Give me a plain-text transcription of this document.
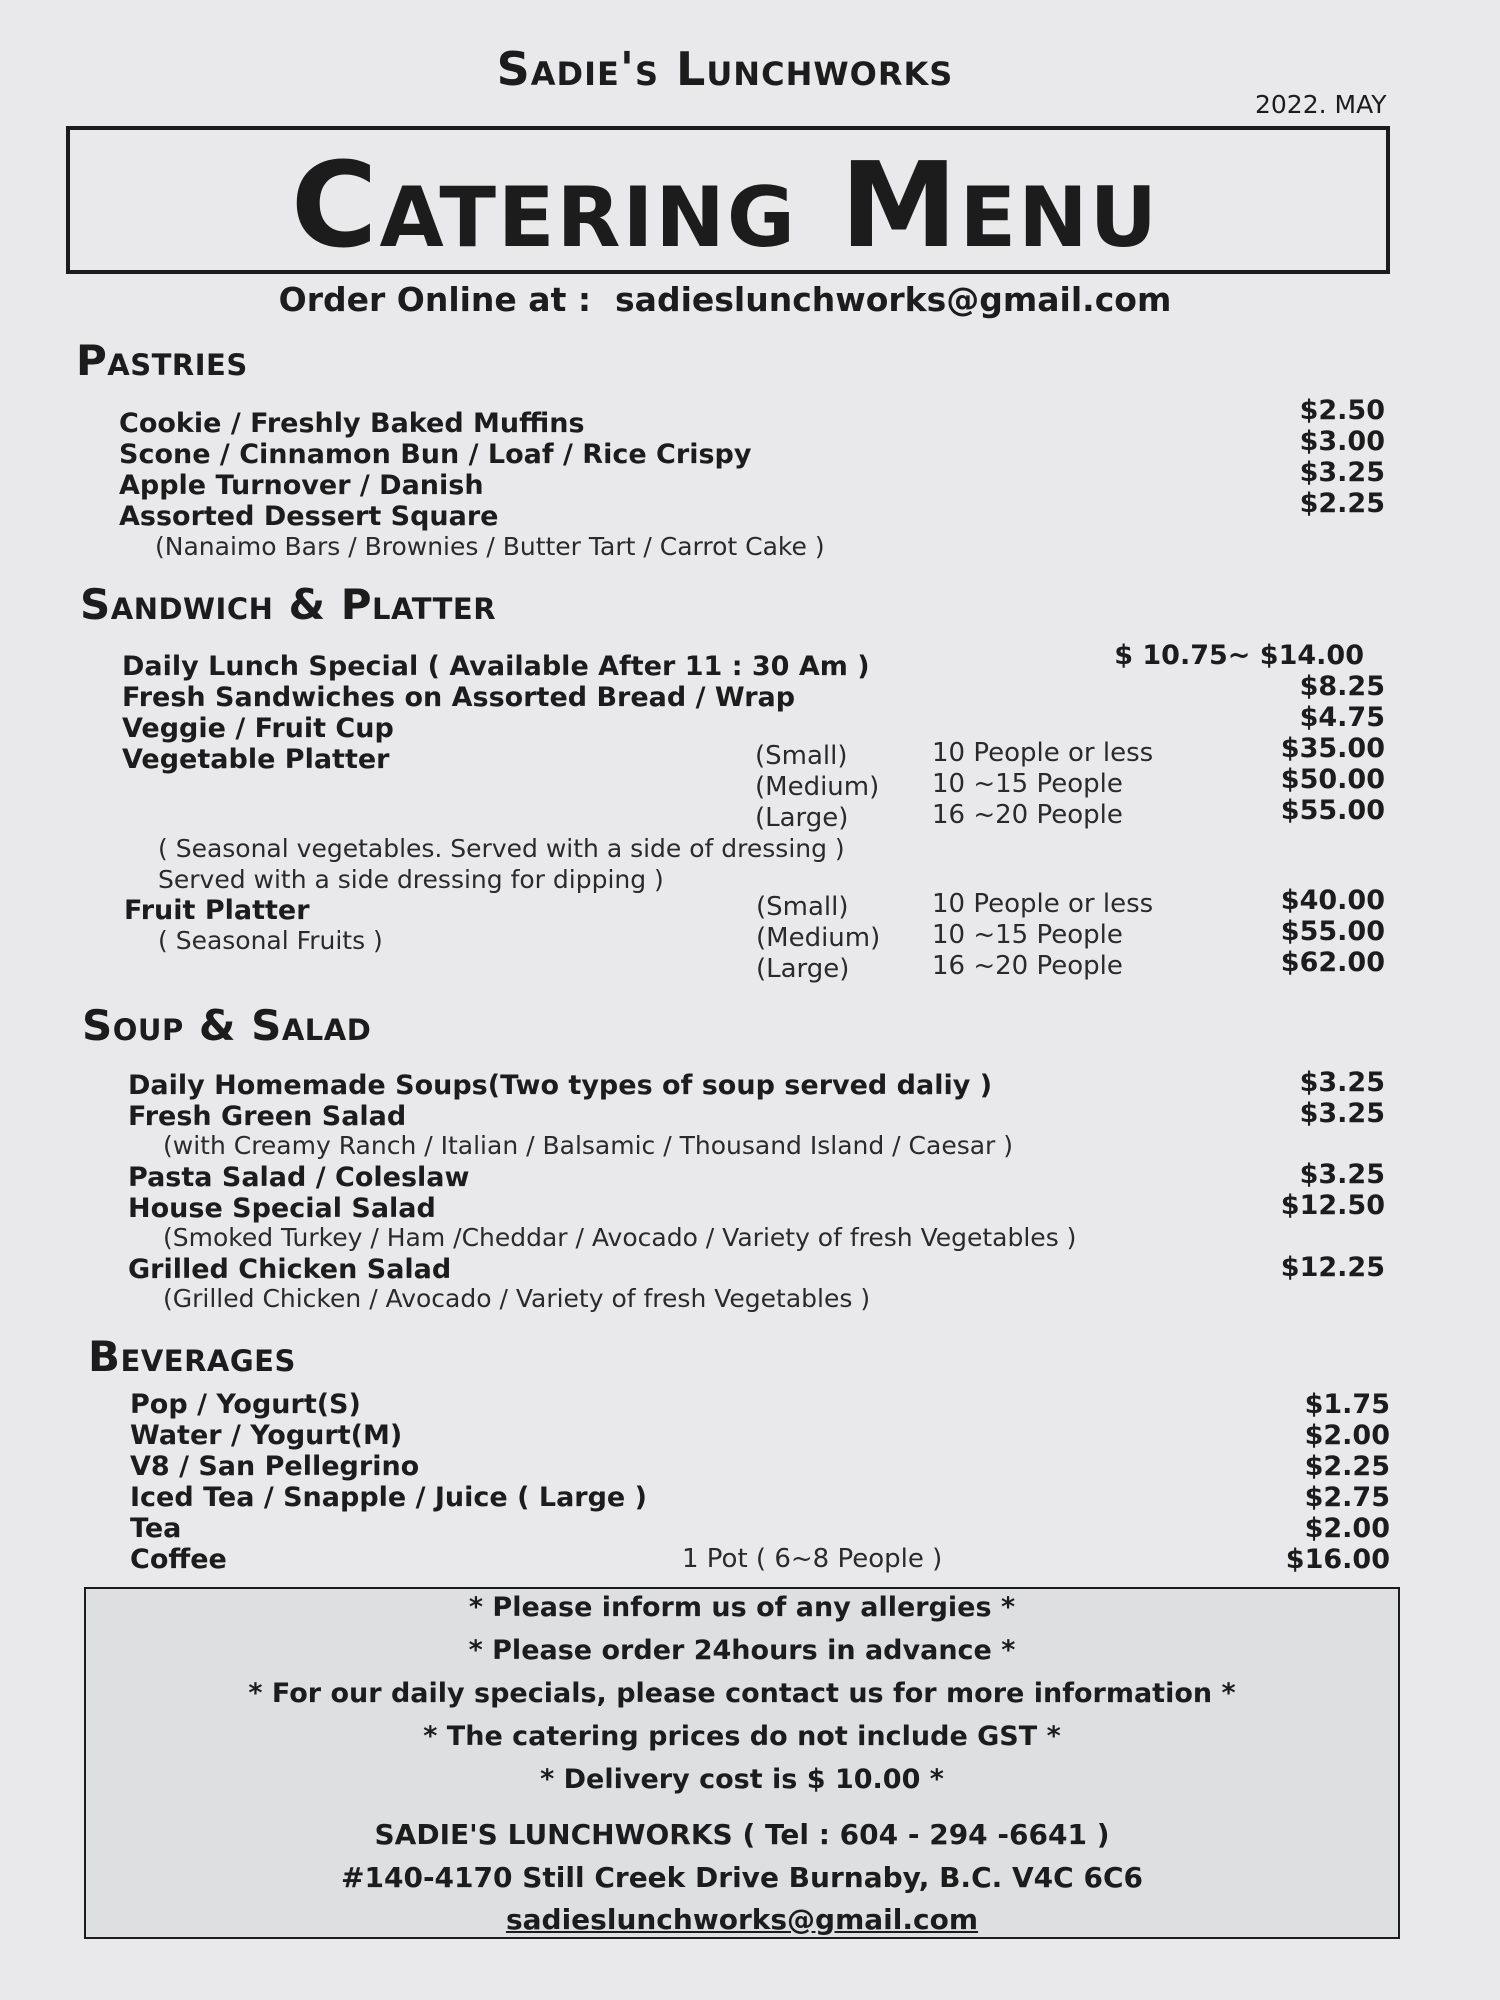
Sadie's Lunchworks
2022. MAY
Catering Menu
Order Online at : sadieslunchworks@gmail.com
Pastries
Cookie / Freshly Baked Muffins
Scone / Cinnamon Bun / Loaf / Rice Crispy
Apple Turnover / Danish
Assorted Dessert Square
(Nanaimo Bars / Brownies / Butter Tart / Carrot Cake )
$2.50
$3.00
$3.25
$2.25
Sandwich & Platter
Daily Lunch Special ( Available After 11 : 30 Am )
Fresh Sandwiches on Assorted Bread / Wrap
Veggie / Fruit Cup
Vegetable Platter
$ 10.75~ $14.00
$8.25
$4.75
(Small)
(Medium)
(Large)
10 People or less
10 ~15 People
16 ~20 People
$35.00
$50.00
$55.00
( Seasonal vegetables. Served with a side of dressing )
Served with a side dressing for dipping )
Fruit Platter
( Seasonal Fruits )
(Small)
(Medium)
(Large)
10 People or less
10 ~15 People
16 ~20 People
$40.00
$55.00
$62.00
Soup & Salad
Daily Homemade Soups(Two types of soup served daliy )
Fresh Green Salad
(with Creamy Ranch / Italian / Balsamic / Thousand Island / Caesar )
Pasta Salad / Coleslaw
House Special Salad
(Smoked Turkey / Ham /Cheddar / Avocado / Variety of fresh Vegetables )
Grilled Chicken Salad
(Grilled Chicken / Avocado / Variety of fresh Vegetables )
$3.25
$3.25
$3.25
$12.50
$12.25
Beverages
Pop / Yogurt(S)
Water / Yogurt(M)
V8 / San Pellegrino
Iced Tea / Snapple / Juice ( Large )
Tea
Coffee	1 Pot ( 6~8 People )
$1.75
$2.00
$2.25
$2.75
$2.00
$16.00
* Please inform us of any allergies *
* Please order 24hours in advance *
* For our daily specials, please contact us for more information *
* The catering prices do not include GST *
* Delivery cost is $ 10.00 *
SADIE'S LUNCHWORKS ( Tel : 604 - 294 -6641 )
#140-4170 Still Creek Drive Burnaby, B.C. V4C 6C6
sadieslunchworks@gmail.com
